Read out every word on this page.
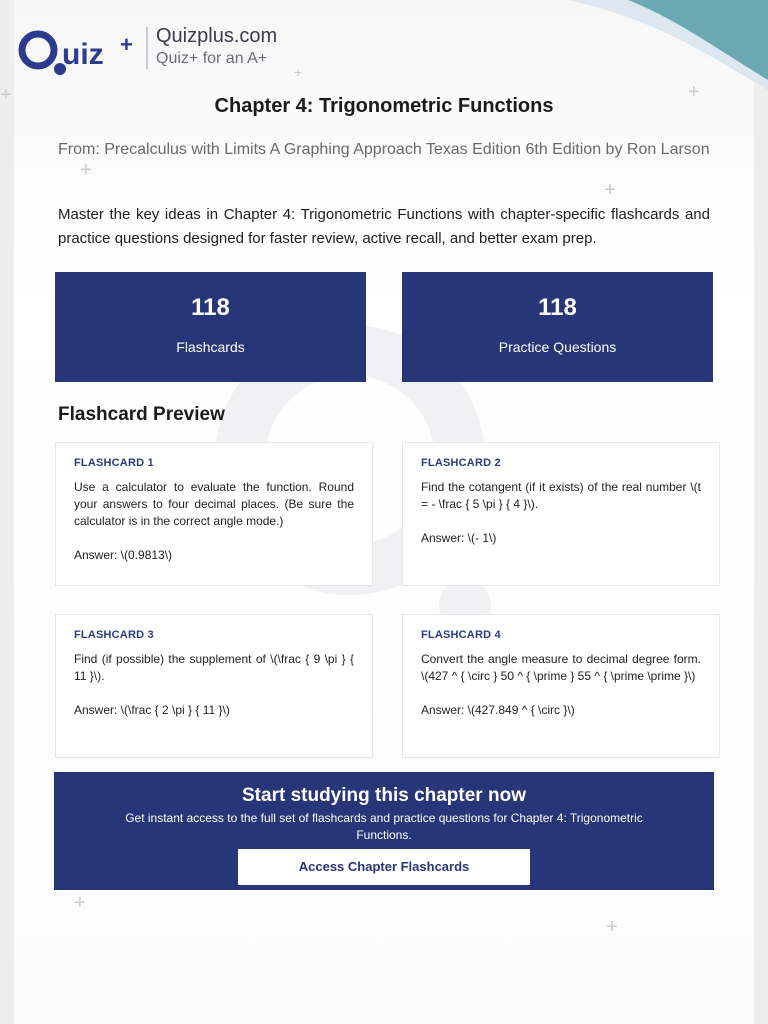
+	+
+
+
+
+
+
uiz + Quizplus.com
Quiz+ for an A+
Chapter 4: Trigonometric Functions

From: Precalculus with Limits A Graphing Approach Texas Edition 6th Edition by Ron Larson

Master the key ideas in Chapter 4: Trigonometric Functions with chapter-specific flashcards and practice questions designed for faster review, active recall, and better exam prep.

118
Flashcards
118
Practice Questions
Flashcard Preview
FLASHCARD 1
Use a calculator to evaluate the function. Round your answers to four decimal places. (Be sure the calculator is in the correct angle mode.)
Answer: \(0.9813\)
FLASHCARD 2
Find the cotangent (if it exists) of the real number \(t = - \frac { 5 \pi } { 4 }\).
Answer: \(- 1\)
FLASHCARD 3
Find (if possible) the supplement of \(\frac { 9 \pi } { 11 }\).
Answer: \(\frac { 2 \pi } { 11 }\)
FLASHCARD 4
Convert the angle measure to decimal degree form. \(427 ^ { \circ } 50 ^ { \prime } 55 ^ { \prime \prime }\)
Answer: \(427.849 ^ { \circ }\)
Start studying this chapter now
Get instant access to the full set of flashcards and practice questions for Chapter 4: Trigonometric Functions.
Access Chapter Flashcards
